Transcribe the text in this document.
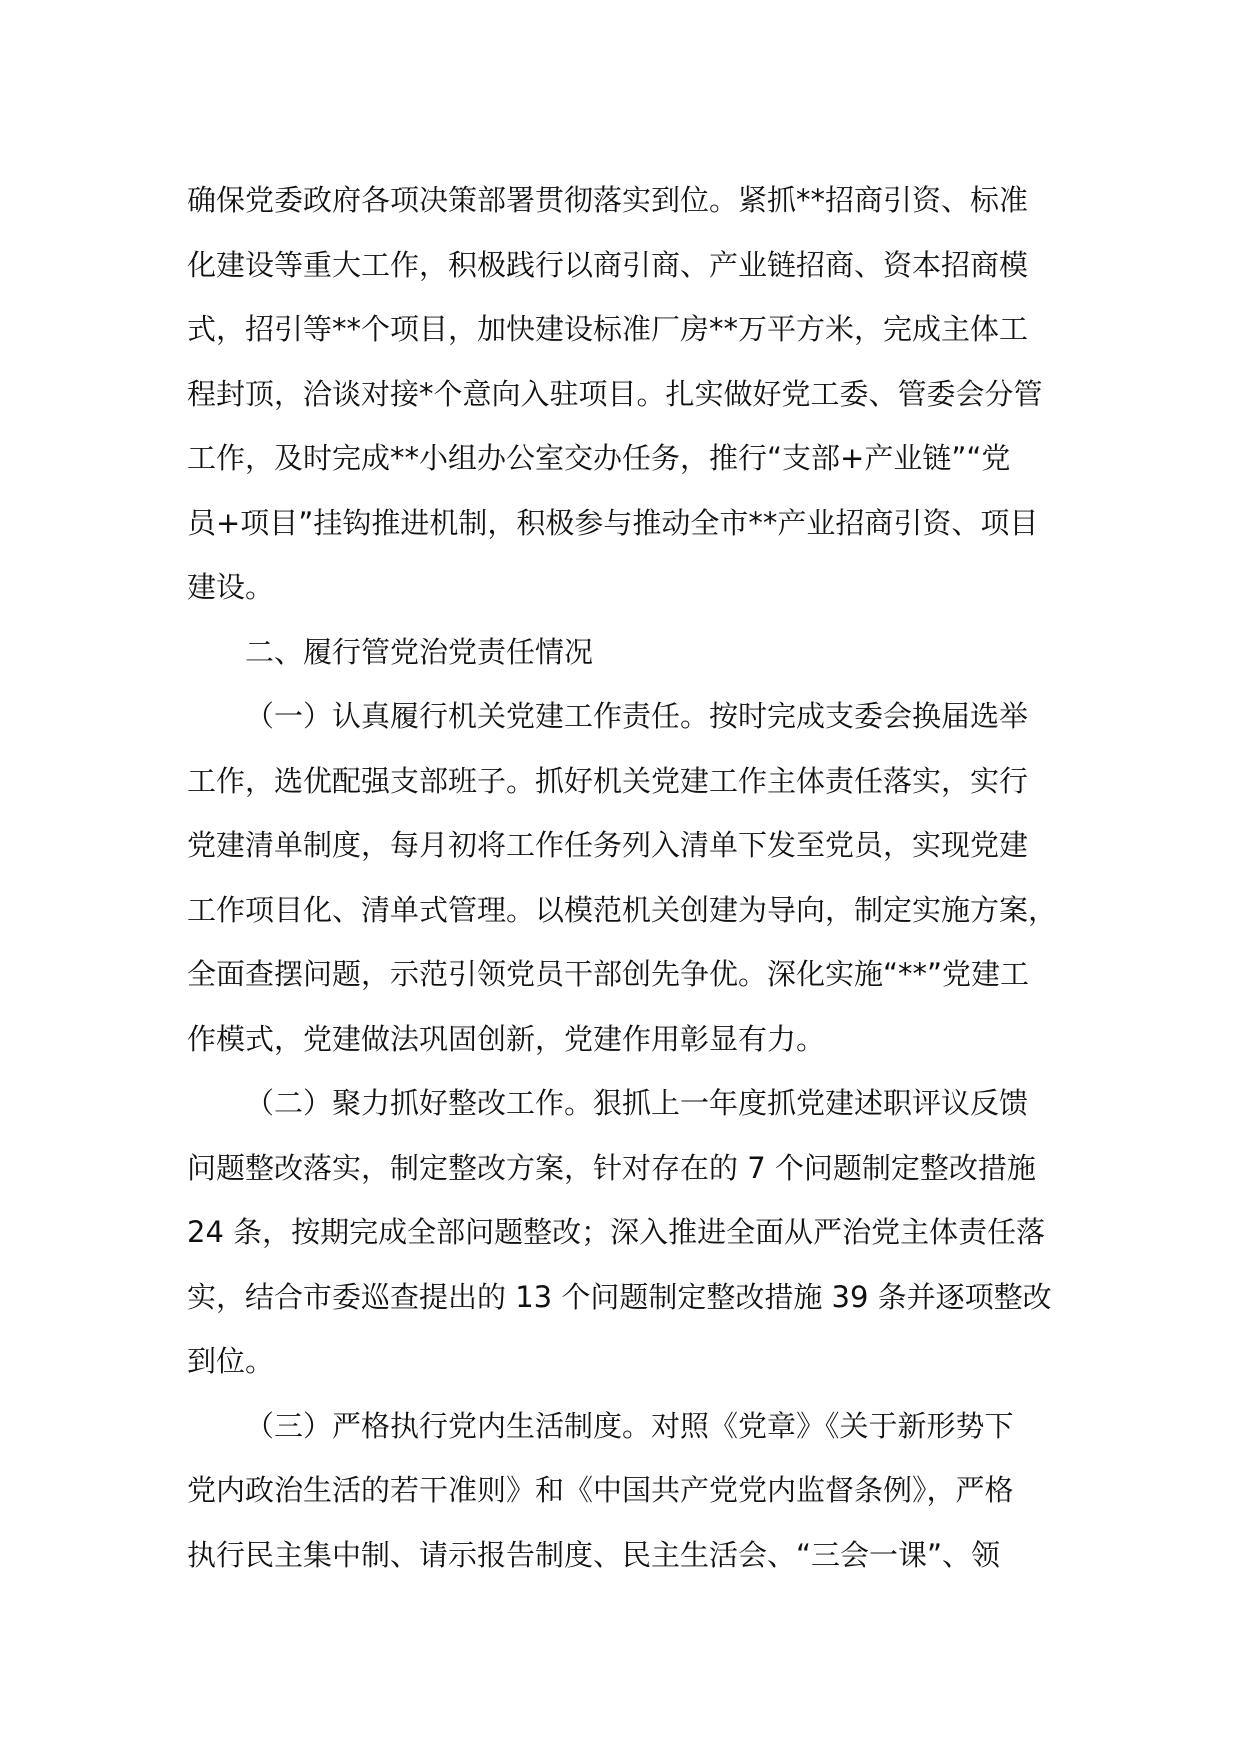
确保党委政府各项决策部署贯彻落实到位。紧抓**招商引资、标准
化建设等重大工作，积极践行以商引商、产业链招商、资本招商模
式，招引等**个项目，加快建设标准厂房**万平方米，完成主体工
程封顶，洽谈对接*个意向入驻项目。扎实做好党工委、管委会分管
工作，及时完成**小组办公室交办任务，推行“支部+产业链”“党
员+项目”挂钩推进机制，积极参与推动全市**产业招商引资、项目
建设。
二、履行管党治党责任情况
（一）认真履行机关党建工作责任。按时完成支委会换届选举
工作，选优配强支部班子。抓好机关党建工作主体责任落实，实行
党建清单制度，每月初将工作任务列入清单下发至党员，实现党建
工作项目化、清单式管理。以模范机关创建为导向，制定实施方案，
全面查摆问题，示范引领党员干部创先争优。深化实施“**”党建工
作模式，党建做法巩固创新，党建作用彰显有力。
（二）聚力抓好整改工作。狠抓上一年度抓党建述职评议反馈
问题整改落实，制定整改方案，针对存在的 7 个问题制定整改措施
24 条，按期完成全部问题整改；深入推进全面从严治党主体责任落
实，结合市委巡查提出的 13 个问题制定整改措施 39 条并逐项整改
到位。
（三）严格执行党内生活制度。对照《党章》《关于新形势下
党内政治生活的若干准则》和《中国共产党党内监督条例》，严格
执行民主集中制、请示报告制度、民主生活会、“三会一课”、领
